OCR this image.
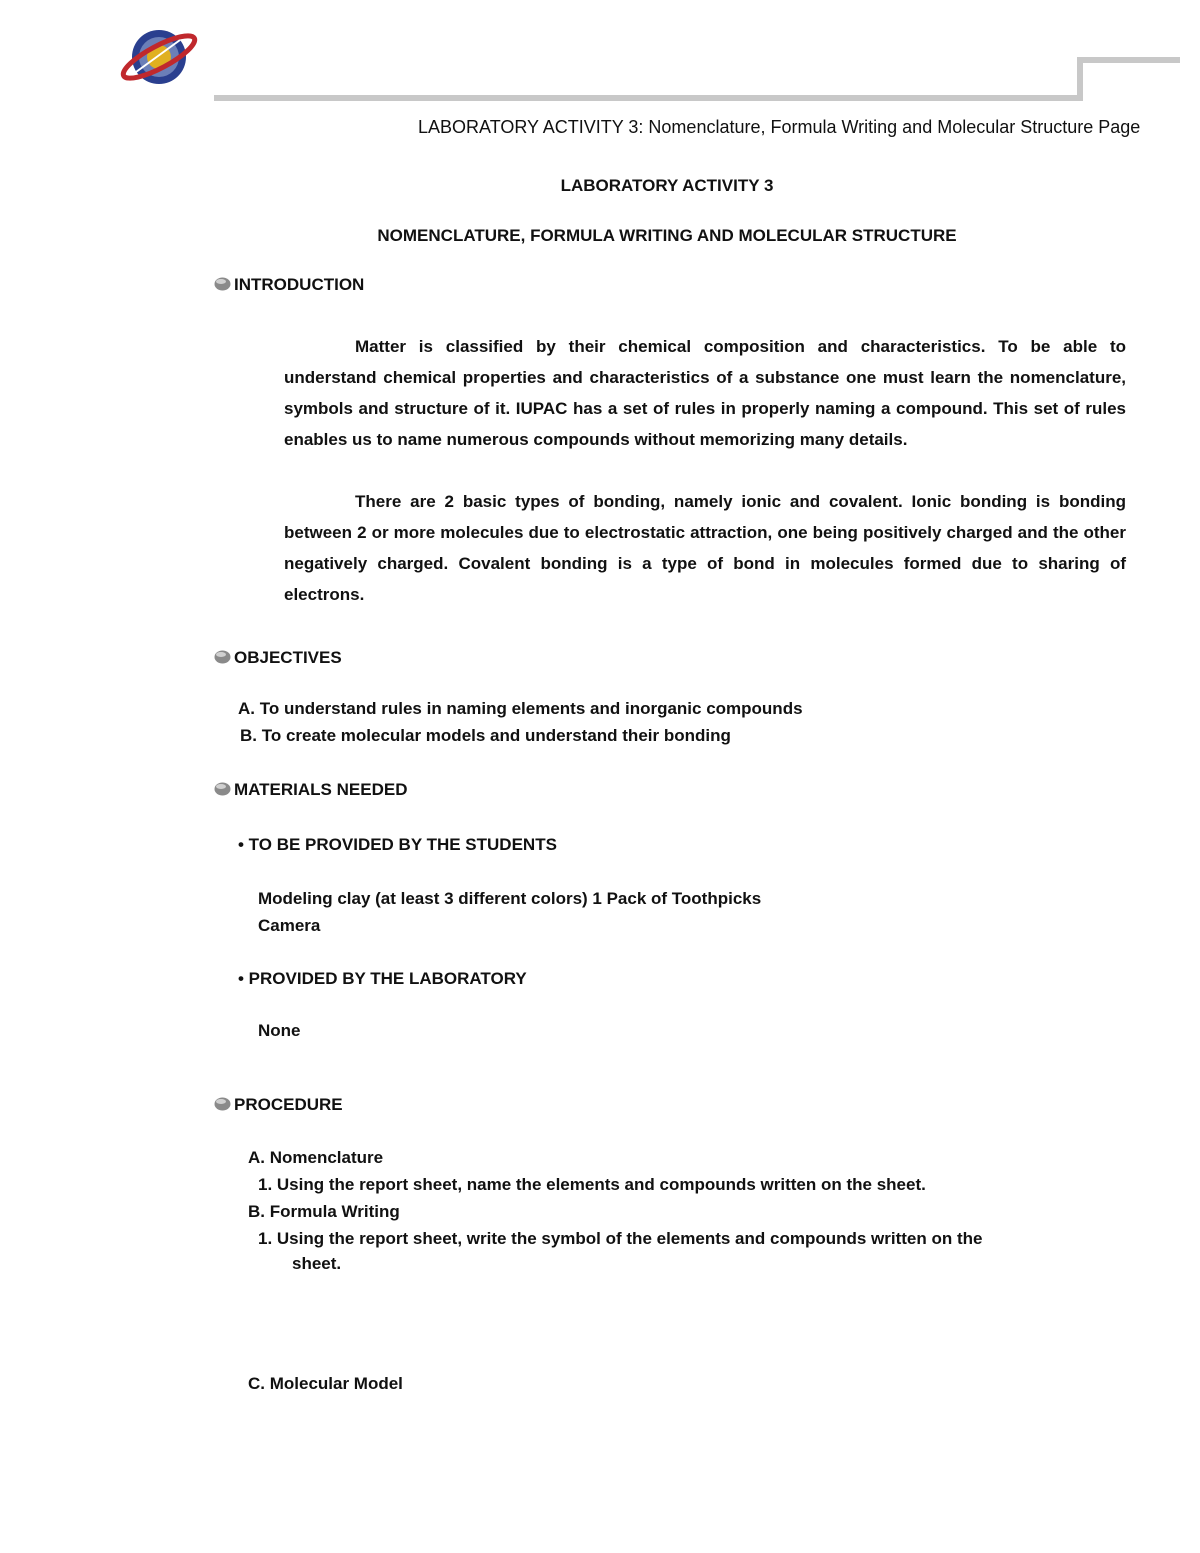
LABORATORY ACTIVITY 3: Nomenclature, Formula Writing and Molecular Structure Page
LABORATORY ACTIVITY 3
NOMENCLATURE, FORMULA WRITING AND MOLECULAR STRUCTURE
INTRODUCTION
Matter is classified by their chemical composition and characteristics. To be able to understand chemical properties and characteristics of a substance one must learn the nomenclature, symbols and structure of it. IUPAC has a set of rules in properly naming a compound. This set of rules enables us to name numerous compounds without memorizing many details.
There are 2 basic types of bonding, namely ionic and covalent. Ionic bonding is bonding between 2 or more molecules due to electrostatic attraction, one being positively charged and the other negatively charged. Covalent bonding is a type of bond in molecules formed due to sharing of electrons.
OBJECTIVES
A. To understand rules in naming elements and inorganic compounds
B. To create molecular models and understand their bonding
MATERIALS NEEDED
• TO BE PROVIDED BY THE STUDENTS
Modeling clay (at least 3 different colors) 1 Pack of Toothpicks
Camera
• PROVIDED BY THE LABORATORY
None
PROCEDURE
A. Nomenclature
1. Using the report sheet, name the elements and compounds written on the sheet.
B. Formula Writing
1. Using the report sheet, write the symbol of the elements and compounds written on the
sheet.
C. Molecular Model
